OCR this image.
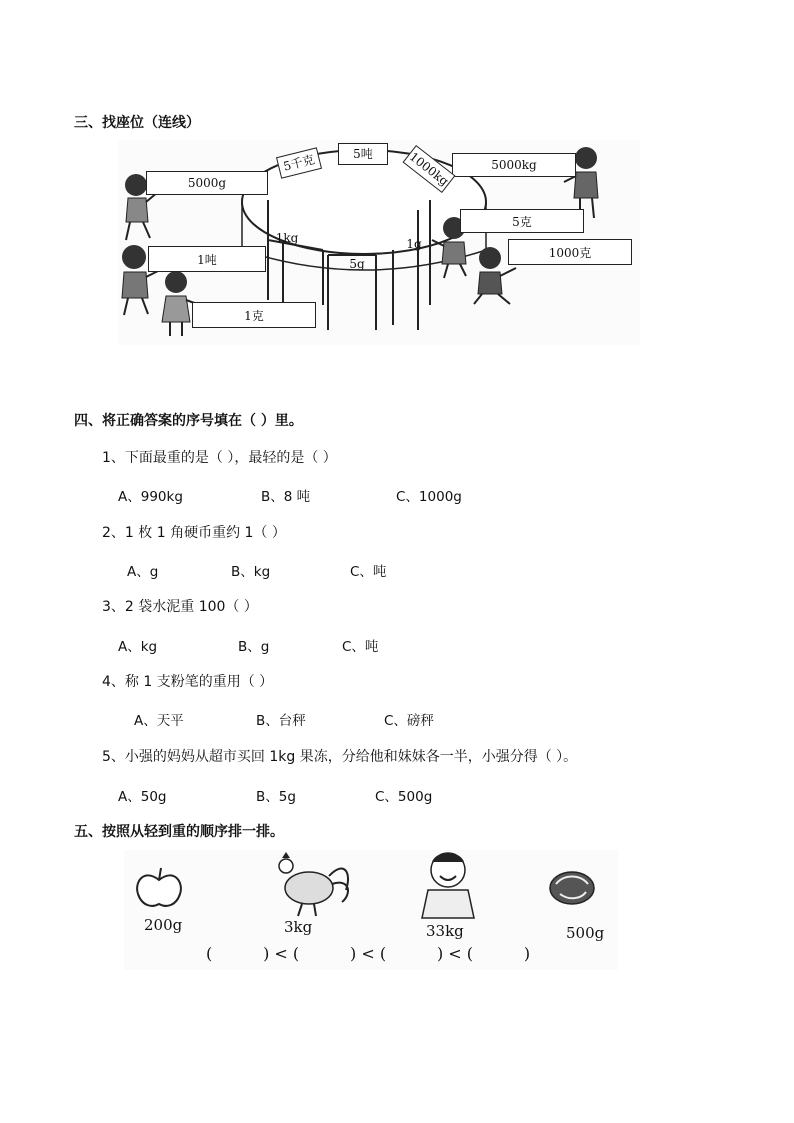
三、找座位（连线）
5000g
1吨
1克
5000kg
5克
1000克
5千克	5吨	1000kg
1kg
5g
1g
四、将正确答案的序号填在（ ）里。
1、下面最重的是（ ），最轻的是（ ）
A、990kg	B、8 吨	C、1000g
2、1 枚 1 角硬币重约 1（ ）
A、g	B、kg	C、吨
3、2 袋水泥重 100（ ）
A、kg	B、g	C、吨
4、称 1 支粉笔的重用（ ）
A、天平	B、台秤	C、磅秤
5、小强的妈妈从超市买回 1kg 果冻，分给他和妹妹各一半，小强分得（ ）。
A、50g	B、5g	C、500g
五、按照从轻到重的顺序排一排。
200g	3kg	33kg	500g
(          ) < (          ) < (          ) < (          )
